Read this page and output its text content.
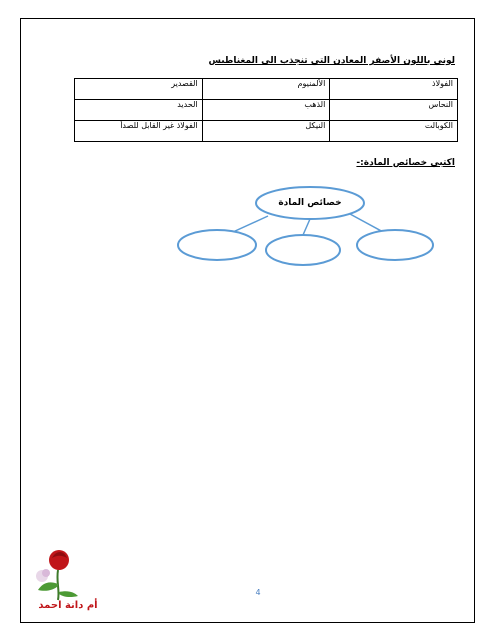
لوني باللون الأصفر المعادن التي تنجذب الى المغناطيس
الفولاذ	الألمنيوم	القصدير
النحاس	الذهب	الحديد
الكوبالت	النيكل	الفولاذ غير القابل للصدأ
اكتبي خصائص المادة:-
خصائص المادة
4
أم دانة احمد
